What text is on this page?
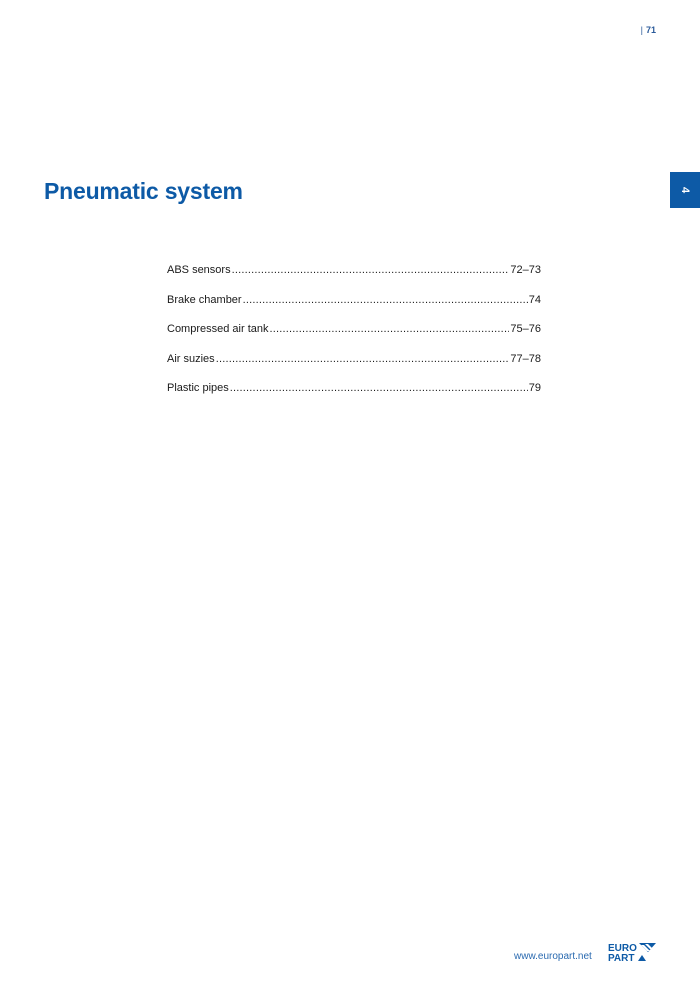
| 71
4
Pneumatic system
ABS sensors .....	72–73
Brake chamber .....	74
Compressed air tank .....	75–76
Air suzies .....	77–78
Plastic pipes .....	79
www.europart.net
EURO
PART
